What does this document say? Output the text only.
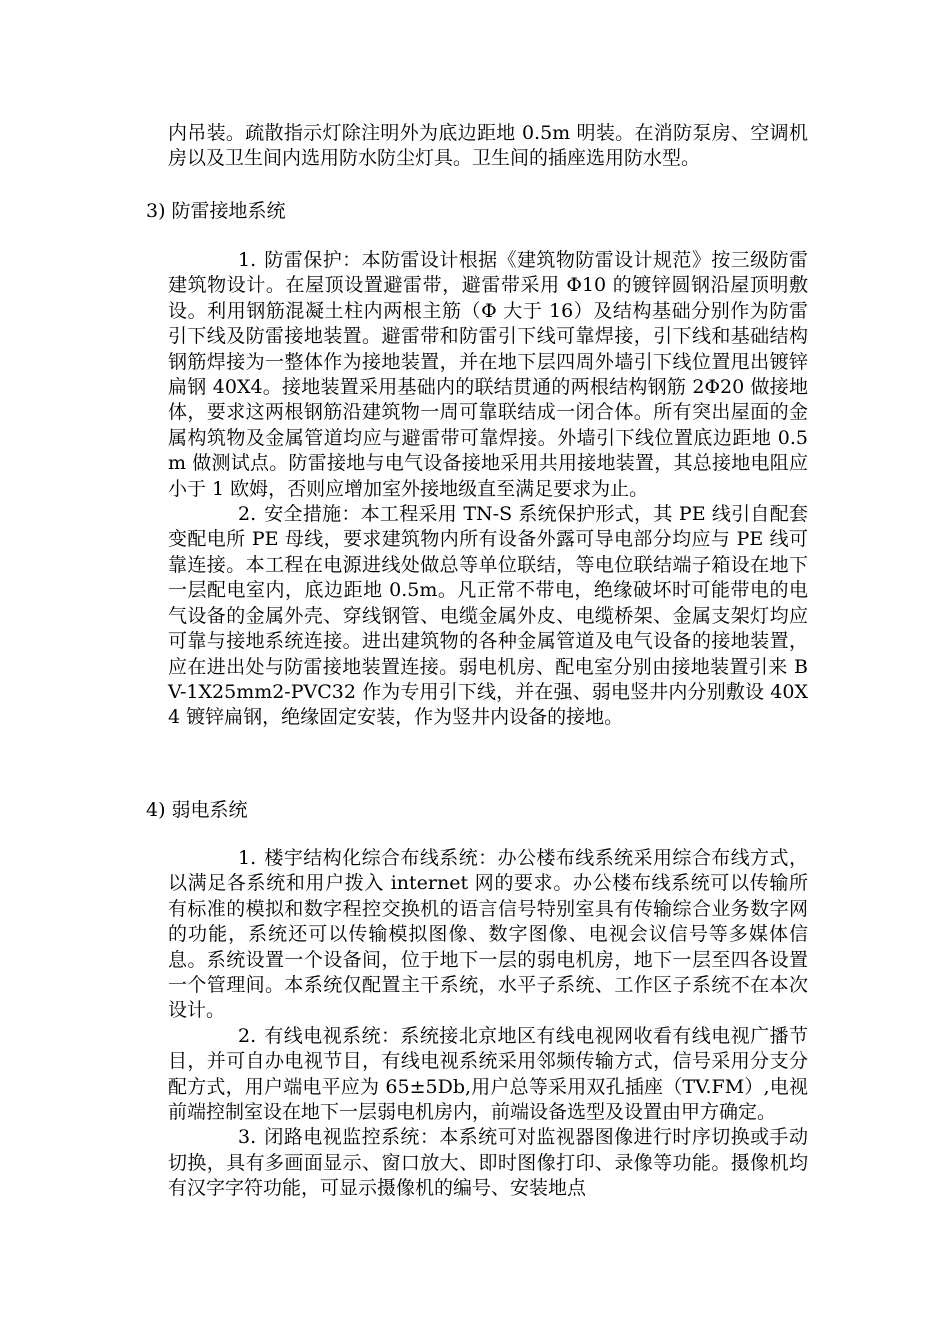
内吊装。疏散指示灯除注明外为底边距地 0.5m 明装。在消防泵房、空调机房以及卫生间内选用防水防尘灯具。卫生间的插座选用防水型。

3) 防雷接地系统

1. 防雷保护：本防雷设计根据《建筑物防雷设计规范》按三级防雷建筑物设计。在屋顶设置避雷带，避雷带采用 Φ10 的镀锌圆钢沿屋顶明敷设。利用钢筋混凝土柱内两根主筋（Φ 大于 16）及结构基础分别作为防雷引下线及防雷接地装置。避雷带和防雷引下线可靠焊接，引下线和基础结构钢筋焊接为一整体作为接地装置，并在地下层四周外墙引下线位置甩出镀锌扁钢 40X4。接地装置采用基础内的联结贯通的两根结构钢筋 2Φ20 做接地体，要求这两根钢筋沿建筑物一周可靠联结成一闭合体。所有突出屋面的金属构筑物及金属管道均应与避雷带可靠焊接。外墙引下线位置底边距地 0.5m 做测试点。防雷接地与电气设备接地采用共用接地装置，其总接地电阻应小于 1 欧姆，否则应增加室外接地级直至满足要求为止。

2. 安全措施：本工程采用 TN-S 系统保护形式，其 PE 线引自配套变配电所 PE 母线，要求建筑物内所有设备外露可导电部分均应与 PE 线可靠连接。本工程在电源进线处做总等单位联结，等电位联结端子箱设在地下一层配电室内，底边距地 0.5m。凡正常不带电，绝缘破坏时可能带电的电气设备的金属外壳、穿线钢管、电缆金属外皮、电缆桥架、金属支架灯均应可靠与接地系统连接。进出建筑物的各种金属管道及电气设备的接地装置，应在进出处与防雷接地装置连接。弱电机房、配电室分别由接地装置引来 BV-1X25mm2-PVC32 作为专用引下线，并在强、弱电竖井内分别敷设 40X4 镀锌扁钢，绝缘固定安装，作为竖井内设备的接地。

4) 弱电系统

1. 楼宇结构化综合布线系统：办公楼布线系统采用综合布线方式，以满足各系统和用户拨入 internet 网的要求。办公楼布线系统可以传输所有标准的模拟和数字程控交换机的语言信号特别室具有传输综合业务数字网的功能，系统还可以传输模拟图像、数字图像、电视会议信号等多媒体信息。系统设置一个设备间，位于地下一层的弱电机房，地下一层至四各设置一个管理间。本系统仅配置主干系统，水平子系统、工作区子系统不在本次设计。

2. 有线电视系统：系统接北京地区有线电视网收看有线电视广播节目，并可自办电视节目，有线电视系统采用邻频传输方式，信号采用分支分配方式，用户端电平应为 65±5Db,用户总等采用双孔插座（TV.FM）,电视前端控制室设在地下一层弱电机房内，前端设备选型及设置由甲方确定。

3. 闭路电视监控系统：本系统可对监视器图像进行时序切换或手动切换，具有多画面显示、窗口放大、即时图像打印、录像等功能。摄像机均有汉字字符功能，可显示摄像机的编号、安装地点
